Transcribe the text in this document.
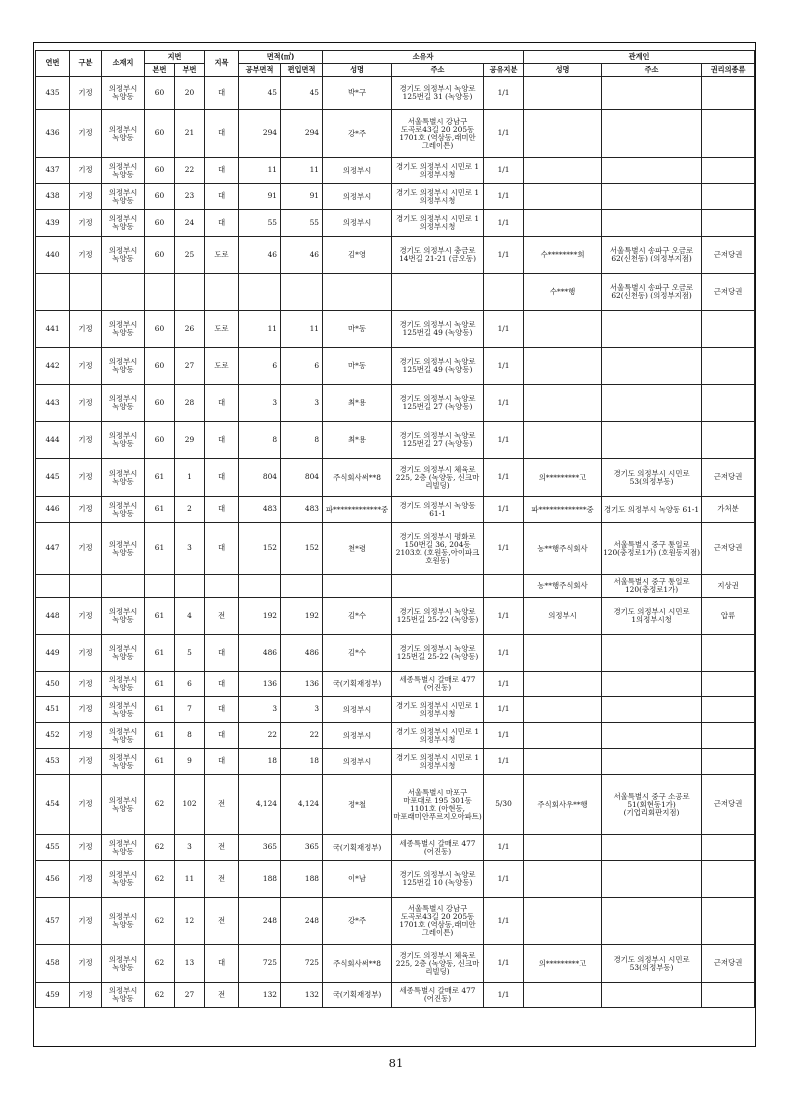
연번	구분	소재지	지번		지목	면적(㎡)		소유자			관계인		
			본번	부번		공부면적	편입면적	성명	주소	공유지분	성명	주소	권리의종류
435	기정	의정부시 녹양동	60	20	대	45	45	박*구	경기도 의정부시 녹양로 125번길 31 (녹양동)	1/1			
436	기정	의정부시 녹양동	60	21	대	294	294	강*주	서울특별시 강남구 도곡로43길 20 205동 1701호 (역삼동,래미안 그레이튼)	1/1			
437	기정	의정부시 녹양동	60	22	대	11	11	의정부시	경기도 의정부시 시민로 1 의정부시청	1/1			
438	기정	의정부시 녹양동	60	23	대	91	91	의정부시	경기도 의정부시 시민로 1 의정부시청	1/1			
439	기정	의정부시 녹양동	60	24	대	55	55	의정부시	경기도 의정부시 시민로 1 의정부시청	1/1			
440	기정	의정부시 녹양동	60	25	도로	46	46	김*영	경기도 의정부시 충금로 14번길 21-21 (금오동)	1/1	수********희	서울특별시 송파구 오금로 62(신천동) (의정부지점)	근저당권
											수***행	서울특별시 송파구 오금로 62(신천동) (의정부지점)	근저당권
441	기정	의정부시 녹양동	60	26	도로	11	11	마*동	경기도 의정부시 녹양로 125번길 49 (녹양동)	1/1			
442	기정	의정부시 녹양동	60	27	도로	6	6	마*동	경기도 의정부시 녹양로 125번길 49 (녹양동)	1/1			
443	기정	의정부시 녹양동	60	28	대	3	3	최*용	경기도 의정부시 녹양로 125번길 27 (녹양동)	1/1			
444	기정	의정부시 녹양동	60	29	대	8	8	최*용	경기도 의정부시 녹양로 125번길 27 (녹양동)	1/1			
445	기정	의정부시 녹양동	61	1	대	804	804	주식회사써**8	경기도 의정부시 체육로 225, 2층 (녹양동, 신크마 리빌딩)	1/1	의*********고	경기도 의정부시 시민로 53(의정부동)	근저당권
446	기정	의정부시 녹양동	61	2	대	483	483	파*************중	경기도 의정부시 녹양동 61-1	1/1	파*************중	경기도 의정부시 녹양동 61-1	가처분
447	기정	의정부시 녹양동	61	3	대	152	152	천*령	경기도 의정부시 평화로 150번길 36, 204동 2103호 (호원동,아이파크 호원동)	1/1	농**행주식회사	서울특별시 중구 통일로 120(충정로1가) (호원동지점)	근저당권
											농**행주식회사	서울특별시 중구 통일로 120(충정로1가)	지상권
448	기정	의정부시 녹양동	61	4	전	192	192	김*수	경기도 의정부시 녹양로 125번길 25-22 (녹양동)	1/1	의정부시	경기도 의정부시 시민로 1의정부시청	압류
449	기정	의정부시 녹양동	61	5	대	486	486	김*수	경기도 의정부시 녹양로 125번길 25-22 (녹양동)	1/1			
450	기정	의정부시 녹양동	61	6	대	136	136	국(기획재정부)	세종특별시 갈매로 477 (어진동)	1/1			
451	기정	의정부시 녹양동	61	7	대	3	3	의정부시	경기도 의정부시 시민로 1 의정부시청	1/1			
452	기정	의정부시 녹양동	61	8	대	22	22	의정부시	경기도 의정부시 시민로 1 의정부시청	1/1			
453	기정	의정부시 녹양동	61	9	대	18	18	의정부시	경기도 의정부시 시민로 1 의정부시청	1/1			
454	기정	의정부시 녹양동	62	102	전	4,124	4,124	정*철	서울특별시 마포구 마포대로 195 301동 1101호 (아현동, 마포래미안푸르지오아파트)	5/30	주식회사우**행	서울특별시 중구 소공로 51(회현동1가) (기업리회판지점)	근저당권
455	기정	의정부시 녹양동	62	3	전	365	365	국(기획재정부)	세종특별시 갈매로 477 (어진동)	1/1			
456	기정	의정부시 녹양동	62	11	전	188	188	이*남	경기도 의정부시 녹양로 125번길 10 (녹양동)	1/1			
457	기정	의정부시 녹양동	62	12	전	248	248	강*주	서울특별시 강남구 도곡로43길 20 205동 1701호 (역삼동,래미안 그레이튼)	1/1			
458	기정	의정부시 녹양동	62	13	대	725	725	주식회사써**8	경기도 의정부시 체육로 225, 2층 (녹양동, 신크마 리빌딩)	1/1	의*********고	경기도 의정부시 시민로 53(의정부동)	근저당권
459	기정	의정부시 녹양동	62	27	전	132	132	국(기획재정부)	세종특별시 갈매로 477 (어진동)	1/1			
81
